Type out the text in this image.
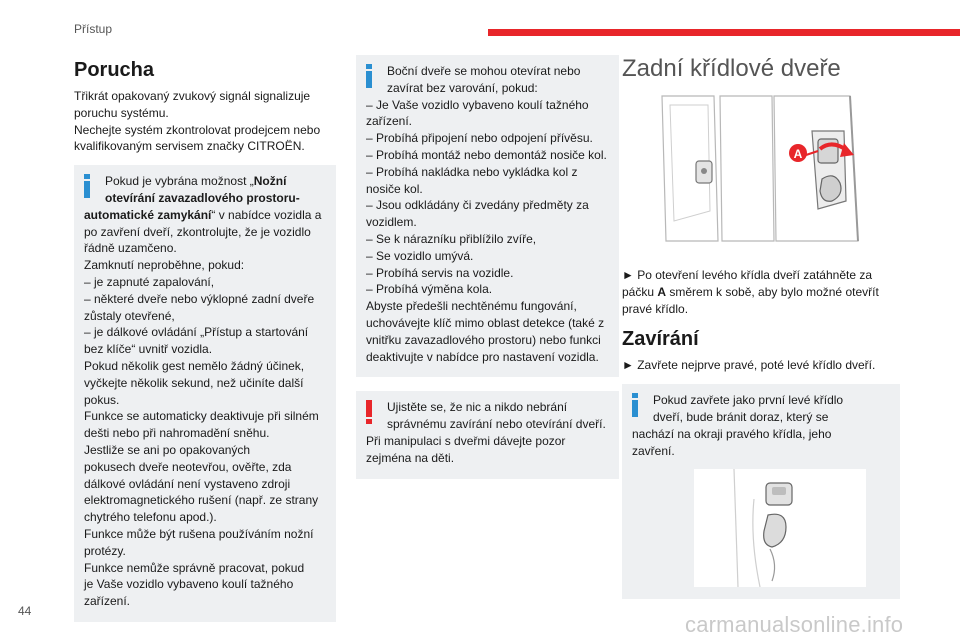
Přístup
Porucha

Třikrát opakovaný zvukový signál signalizuje

poruchu systému.

Nechejte systém zkontrolovat prodejcem nebo

kvalifikovaným servisem značky CITROËN.

Pokud je vybrána možnost „Nožní

otevírání zavazadlového prostoru-

automatické zamykání“ v nabídce vozidla a

po zavření dveří, zkontrolujte, že je vozidlo

řádně uzamčeno.

Zamknutí neproběhne, pokud:

– je zapnuté zapalování,

– některé dveře nebo výklopné zadní dveře

zůstaly otevřené,

– je dálkové ovládání „Přístup a startování

bez klíče“ uvnitř vozidla.

Pokud několik gest nemělo žádný účinek,

vyčkejte několik sekund, než učiníte další

pokus.

Funkce se automaticky deaktivuje při silném

dešti nebo při nahromadění sněhu.

Jestliže se ani po opakovaných

pokusech dveře neotevřou, ověřte, zda

dálkové ovládání není vystaveno zdroji

elektromagnetického rušení (např. ze strany

chytrého telefonu apod.).

Funkce může být rušena používáním nožní

protézy.

Funkce nemůže správně pracovat, pokud

je Vaše vozidlo vybaveno koulí tažného

zařízení.

Boční dveře se mohou otevírat nebo

zavírat bez varování, pokud:

– Je Vaše vozidlo vybaveno koulí tažného

zařízení.

– Probíhá připojení nebo odpojení přívěsu.

– Probíhá montáž nebo demontáž nosiče kol.

– Probíhá nakládka nebo vykládka kol z

nosiče kol.

– Jsou odkládány či zvedány předměty za

vozidlem.

– Se k nárazníku přiblížilo zvíře,

– Se vozidlo umývá.

– Probíhá servis na vozidle.

– Probíhá výměna kola.

Abyste předešli nechtěnému fungování,

uchovávejte klíč mimo oblast detekce (také z

vnitřku zavazadlového prostoru) nebo funkci

deaktivujte v nabídce pro nastavení vozidla.

Ujistěte se, že nic a nikdo nebrání

správnému zavírání nebo otevírání dveří.

Při manipulaci s dveřmi dávejte pozor

zejména na děti.

Zadní křídlové dveře
A

► Po otevření levého křídla dveří zatáhněte za

páčku A směrem k sobě, aby bylo možné otevřít

pravé křídlo.

Zavírání

► Zavřete nejprve pravé, poté levé křídlo dveří.

Pokud zavřete jako první levé křídlo

dveří, bude bránit doraz, který se

nachází na okraji pravého křídla, jeho

zavření.

44
carmanualsonline.info
